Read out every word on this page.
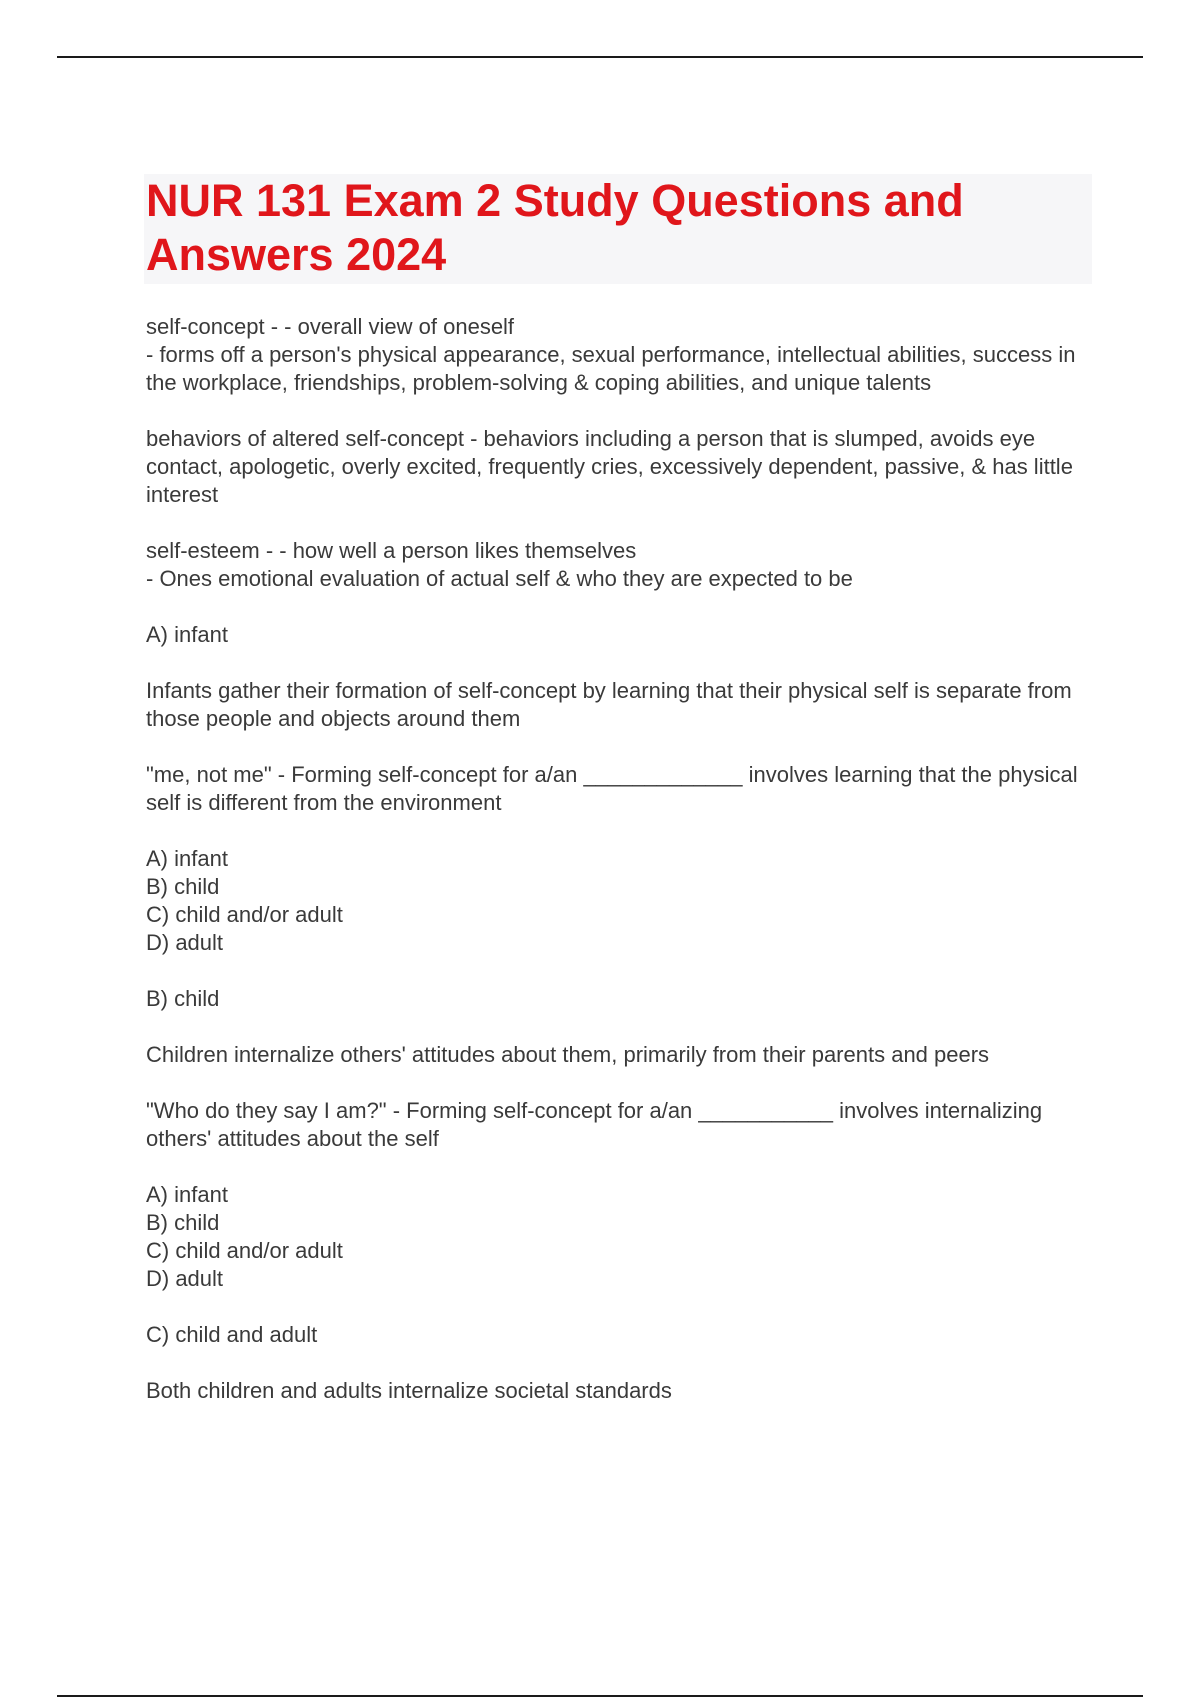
NUR 131 Exam 2 Study Questions and Answers 2024
self-concept - - overall view of oneself
- forms off a person's physical appearance, sexual performance, intellectual abilities, success in the workplace, friendships, problem-solving & coping abilities, and unique talents
behaviors of altered self-concept - behaviors including a person that is slumped, avoids eye contact, apologetic, overly excited, frequently cries, excessively dependent, passive, & has little interest
self-esteem - - how well a person likes themselves
- Ones emotional evaluation of actual self & who they are expected to be
A) infant
Infants gather their formation of self-concept by learning that their physical self is separate from those people and objects around them
"me, not me" - Forming self-concept for a/an _____________ involves learning that the physical self is different from the environment
A) infant
B) child
C) child and/or adult
D) adult
B) child
Children internalize others' attitudes about them, primarily from their parents and peers
"Who do they say I am?" - Forming self-concept for a/an ___________ involves internalizing others' attitudes about the self
A) infant
B) child
C) child and/or adult
D) adult
C) child and adult
Both children and adults internalize societal standards
